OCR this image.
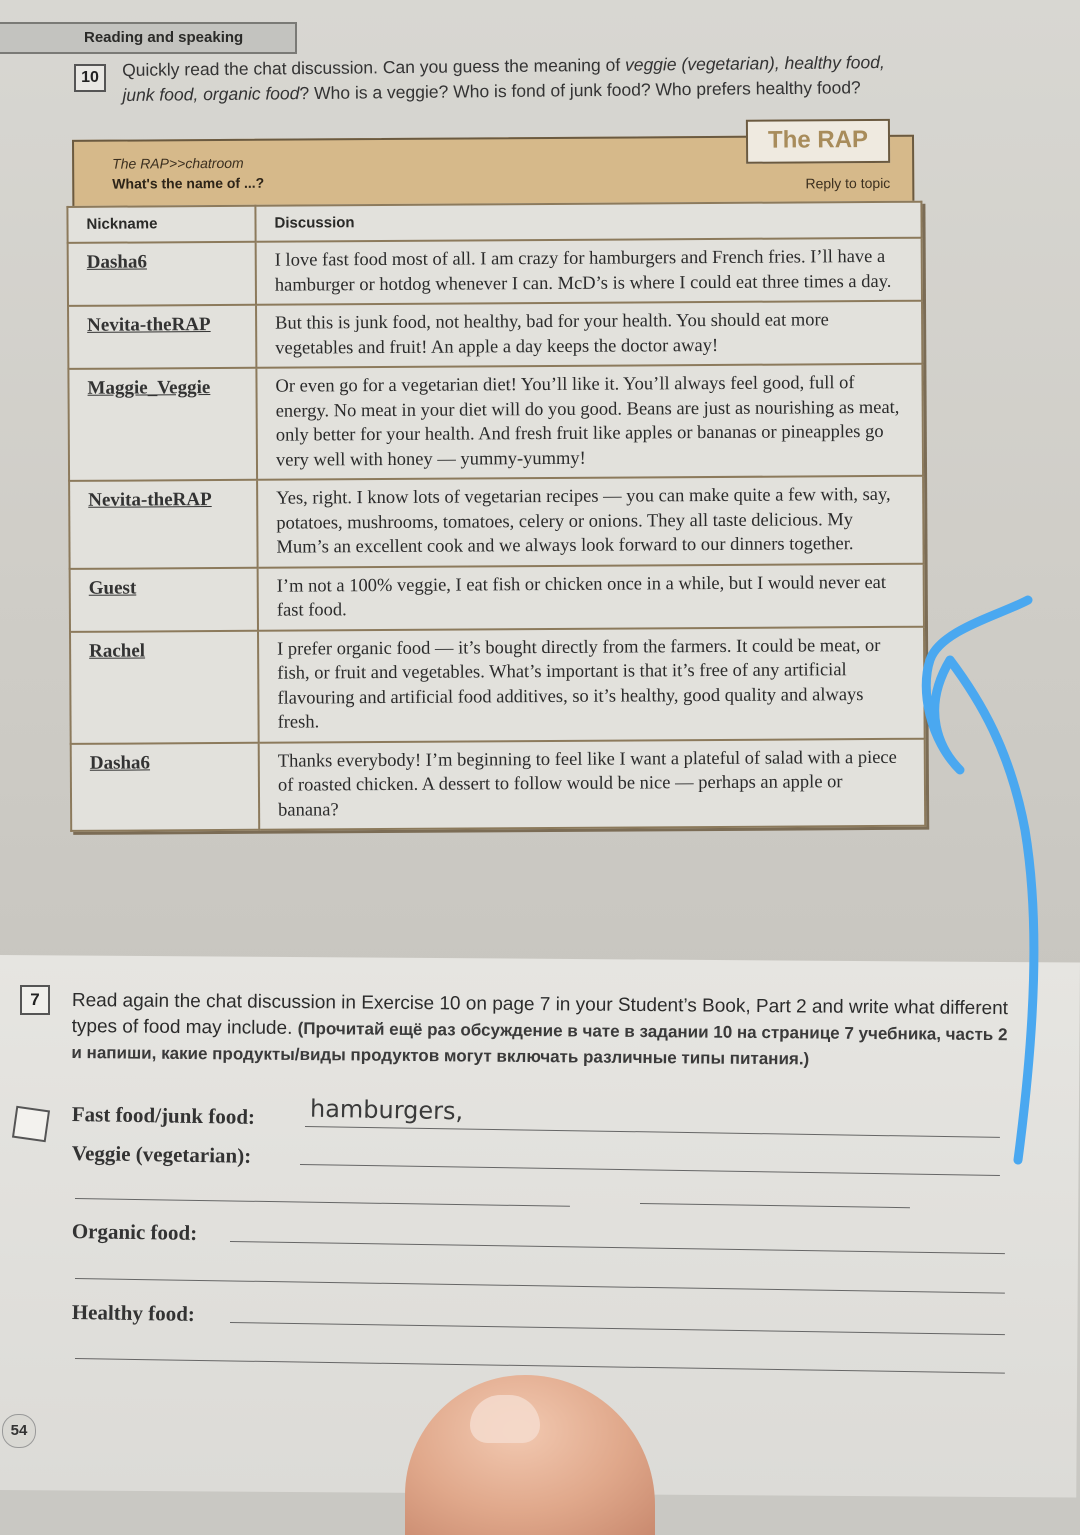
Reading and speaking
10	Quickly read the chat discussion. Can you guess the meaning of veggie (vegetarian), healthy food, junk food, organic food? Who is a veggie? Who is fond of junk food? Who prefers healthy food?
The RAP>>chatroom
What's the name of ...?	Reply to topic
The RAP
Nickname	Discussion
Dasha6	I love fast food most of all. I am crazy for hamburgers and French fries. I’ll have a hamburger or hotdog whenever I can. McD’s is where I could eat three times a day.
Nevita-theRAP	But this is junk food, not healthy, bad for your health. You should eat more vegetables and fruit! An apple a day keeps the doctor away!
Maggie_Veggie	Or even go for a vegetarian diet! You’ll like it. You’ll always feel good, full of energy. No meat in your diet will do you good. Beans are just as nourishing as meat, only better for your health. And fresh fruit like apples or bananas or pineapples go very well with honey — yummy-yummy!
Nevita-theRAP	Yes, right. I know lots of vegetarian recipes — you can make quite a few with, say, potatoes, mushrooms, tomatoes, celery or onions. They all taste delicious. My Mum’s an excellent cook and we always look forward to our dinners together.
Guest	I’m not a 100% veggie, I eat fish or chicken once in a while, but I would never eat fast food.
Rachel	I prefer organic food — it’s bought directly from the farmers. It could be meat, or fish, or fruit and vegetables. What’s important is that it’s free of any artificial flavouring and artificial food additives, so it’s healthy, good quality and always fresh.
Dasha6	Thanks everybody! I’m beginning to feel like I want a plateful of salad with a piece of roasted chicken. A dessert to follow would be nice — perhaps an apple or banana?
7	Read again the chat discussion in Exercise 10 on page 7 in your Student’s Book, Part 2 and write what different types of food may include. (Прочитай ещё раз обсуждение в чате в задании 10 на странице 7 учебника, часть 2 и напиши, какие продукты/виды продуктов могут включать различные типы питания.)
Fast food/junk food: hamburgers,
Veggie (vegetarian):
Organic food:
Healthy food:
54
